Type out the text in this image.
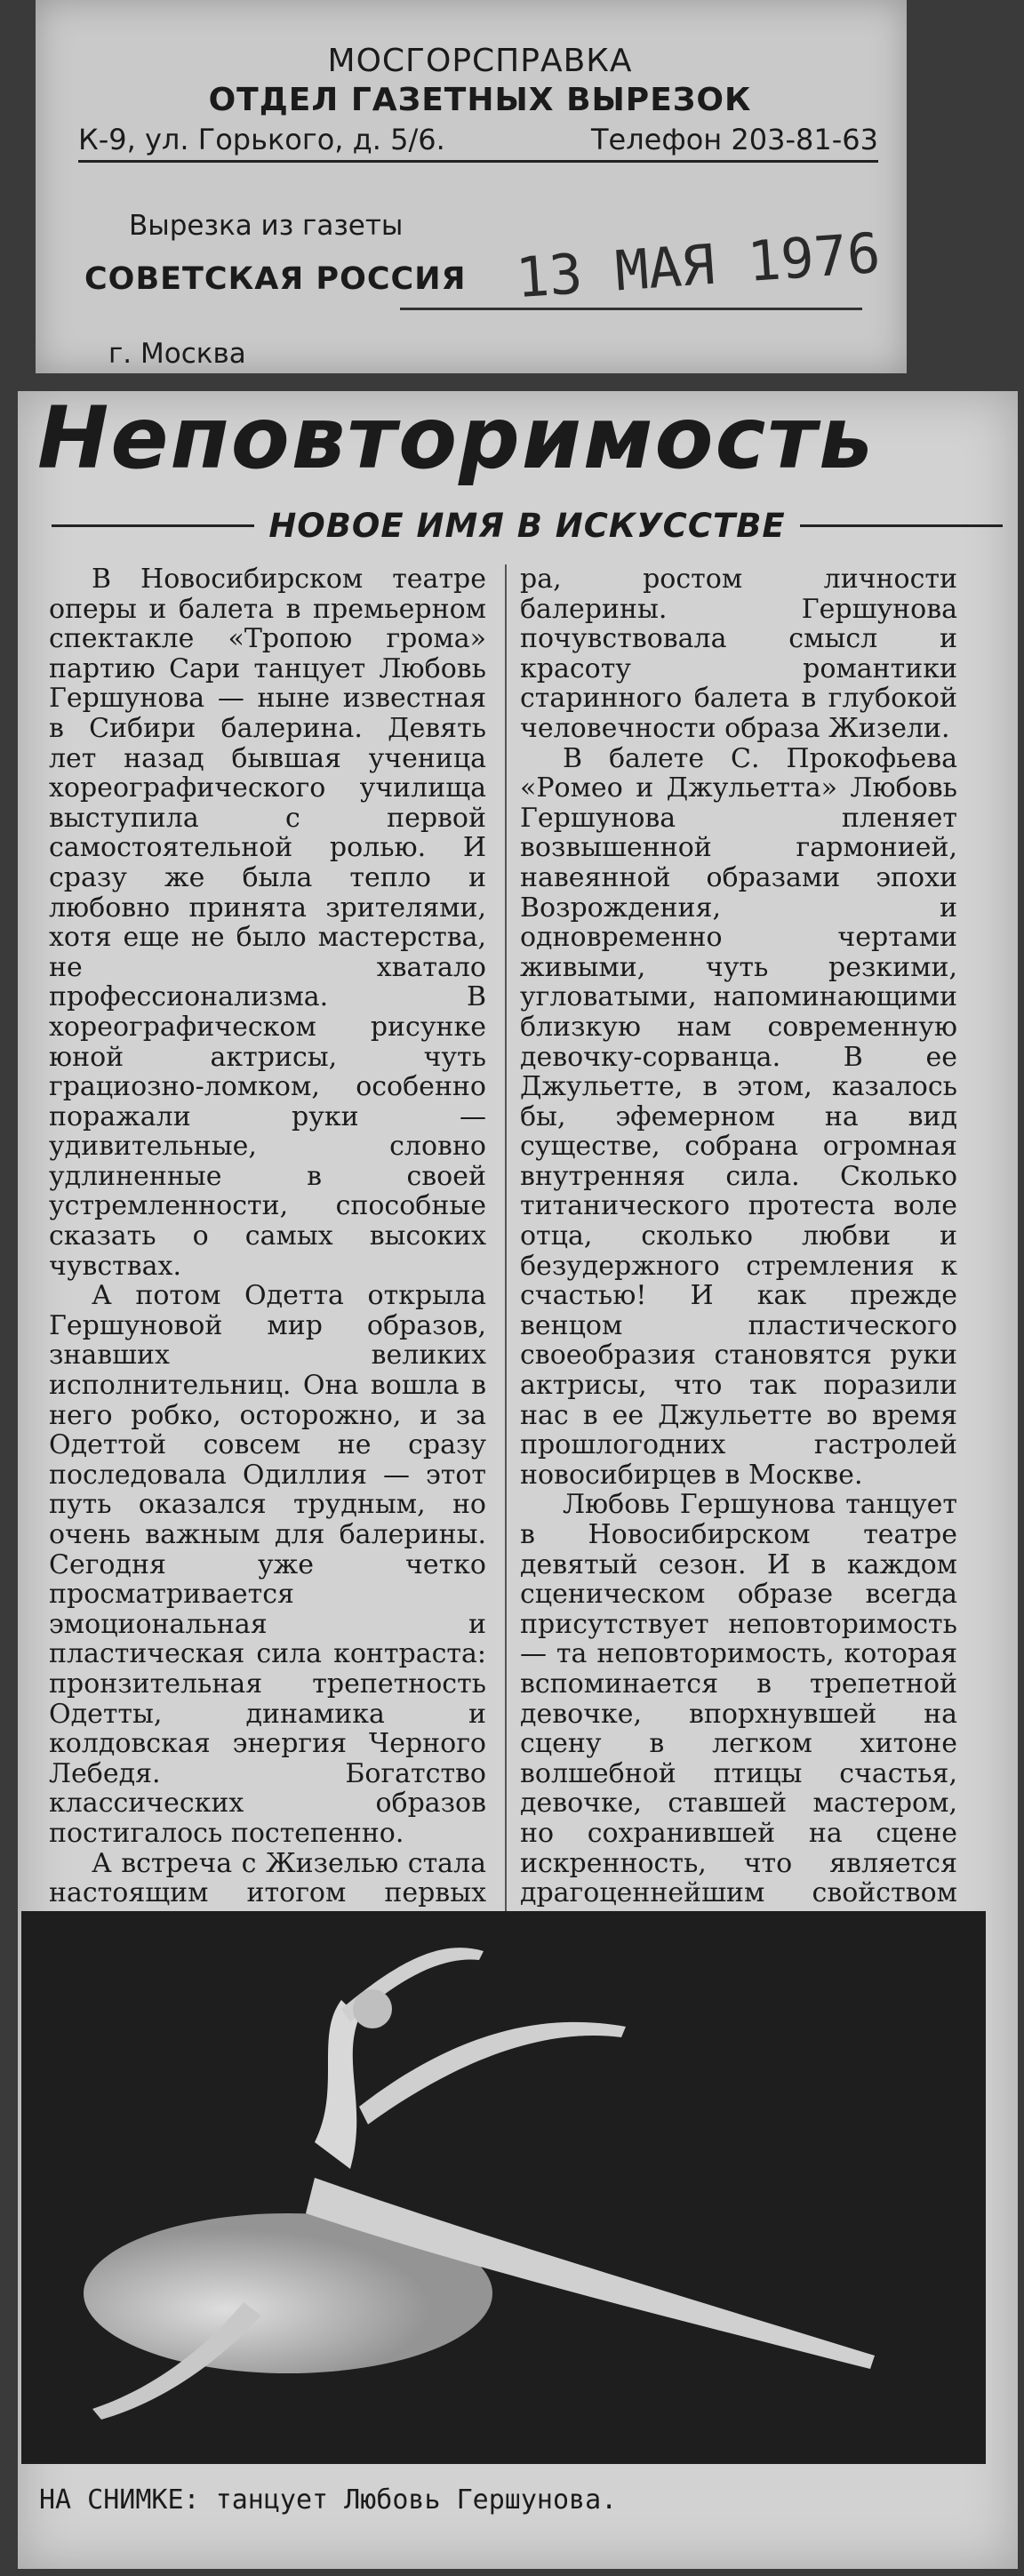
МОСГОРСПРАВКА
ОТДЕЛ ГАЗЕТНЫХ ВЫРЕЗОК
К-9, ул. Горького, д. 5/6.	Телефон 203-81-63
Вырезка из газеты
СОВЕТСКАЯ РОССИЯ 13 МАЯ 1976
г. Москва
Неповторимость
НОВОЕ ИМЯ В ИСКУССТВЕ

В Новосибирском театре оперы и балета в премьерном спектакле «Тропою грома» партию Сари танцует Любовь Гершунова — ныне известная в Сибири балерина. Девять лет назад бывшая ученица хореографического училища выступила с первой самостоятельной ролью. И сразу же была тепло и любовно принята зрителями, хотя еще не было мастерства, не хватало профессионализма. В хореографическом рисунке юной актрисы, чуть грациозно-ломком, особенно поражали руки — удивительные, словно удлиненные в своей устремленности, способные сказать о самых высоких чувствах.

А потом Одетта открыла Гершуновой мир образов, знавших великих исполнительниц. Она вошла в него робко, осторожно, и за Одеттой совсем не сразу последовала Одиллия — этот путь оказался трудным, но очень важным для балерины. Сегодня уже четко просматривается эмоциональная и пластическая сила контраста: пронзительная трепетность Одетты, динамика и колдовская энергия Черного Лебедя. Богатство классических образов постигалось постепенно.

А встреча с Жизелью стала настоящим итогом первых

ра, ростом личности балерины. Гершунова почувствовала смысл и красоту романтики старинного балета в глубокой человечности образа Жизели.

В балете С. Прокофьева «Ромео и Джульетта» Любовь Гершунова пленяет возвышенной гармонией, навеянной образами эпохи Возрождения, и одновременно чертами живыми, чуть резкими, угловатыми, напоминающими близкую нам современную девочку-сорванца. В ее Джульетте, в этом, казалось бы, эфемерном на вид существе, собрана огромная внутренняя сила. Сколько титанического протеста воле отца, сколько любви и безудержного стремления к счастью! И как прежде венцом пластического своеобразия становятся руки актрисы, что так поразили нас в ее Джульетте во время прошлогодних гастролей новосибирцев в Москве.

Любовь Гершунова танцует в Новосибирском театре девятый сезон. И в каждом сценическом образе всегда присутствует неповторимость — та неповторимость, которая вспоминается в трепетной девочке, впорхнувшей на сцену в легком хитоне волшебной птицы счастья, девочке, ставшей мастером, но сохранившей на сцене искренность, что является драгоценнейшим свойством

НА СНИМКЕ: танцует Любовь Гершунова.
